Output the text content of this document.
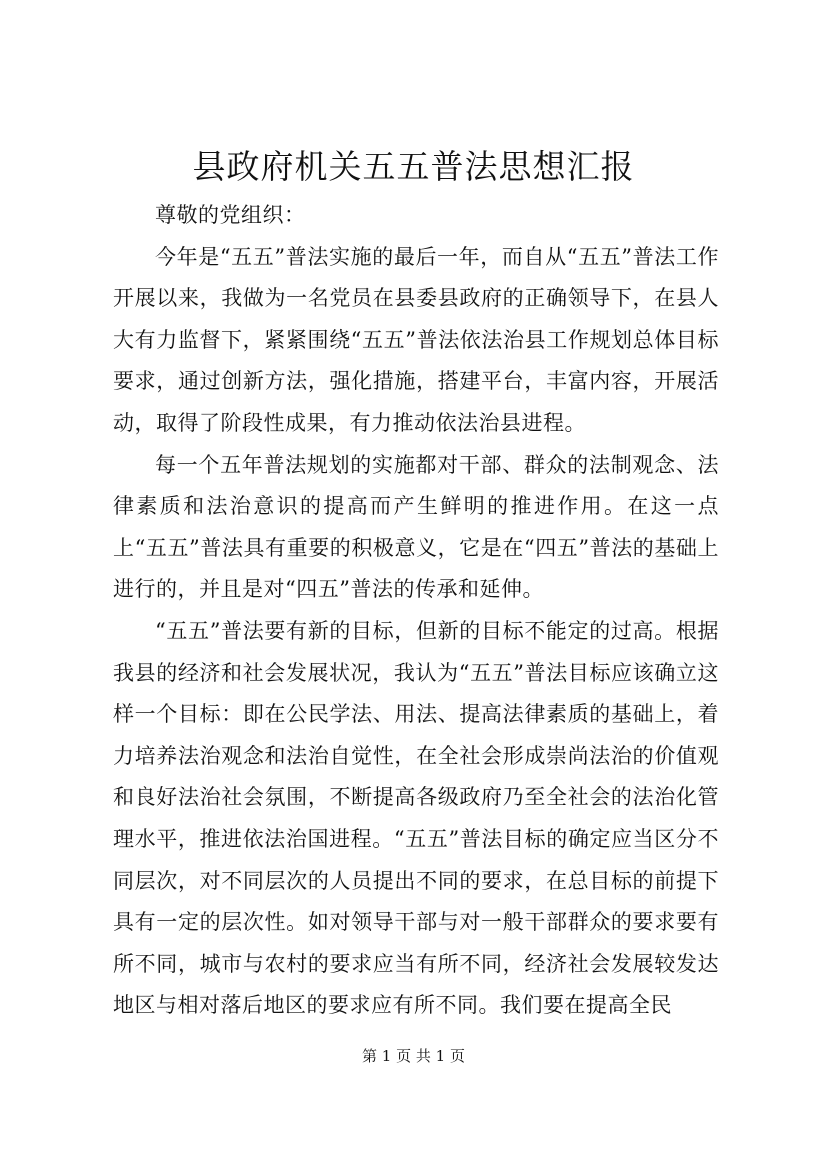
县政府机关五五普法思想汇报

尊敬的党组织：

今年是“五五”普法实施的最后一年，而自从“五五”普法工作开展以来，我做为一名党员在县委县政府的正确领导下，在县人大有力监督下，紧紧围绕“五五”普法依法治县工作规划总体目标要求，通过创新方法，强化措施，搭建平台，丰富内容，开展活动，取得了阶段性成果，有力推动依法治县进程。

每一个五年普法规划的实施都对干部、群众的法制观念、法律素质和法治意识的提高而产生鲜明的推进作用。在这一点上“五五”普法具有重要的积极意义，它是在“四五”普法的基础上进行的，并且是对“四五”普法的传承和延伸。

“五五”普法要有新的目标，但新的目标不能定的过高。根据我县的经济和社会发展状况，我认为“五五”普法目标应该确立这样一个目标：即在公民学法、用法、提高法律素质的基础上，着力培养法治观念和法治自觉性，在全社会形成崇尚法治的价值观和良好法治社会氛围，不断提高各级政府乃至全社会的法治化管理水平，推进依法治国进程。“五五”普法目标的确定应当区分不同层次，对不同层次的人员提出不同的要求，在总目标的前提下具有一定的层次性。如对领导干部与对一般干部群众的要求要有所不同，城市与农村的要求应当有所不同，经济社会发展较发达地区与相对落后地区的要求应有所不同。我们要在提高全民

第 1 页 共 1 页
